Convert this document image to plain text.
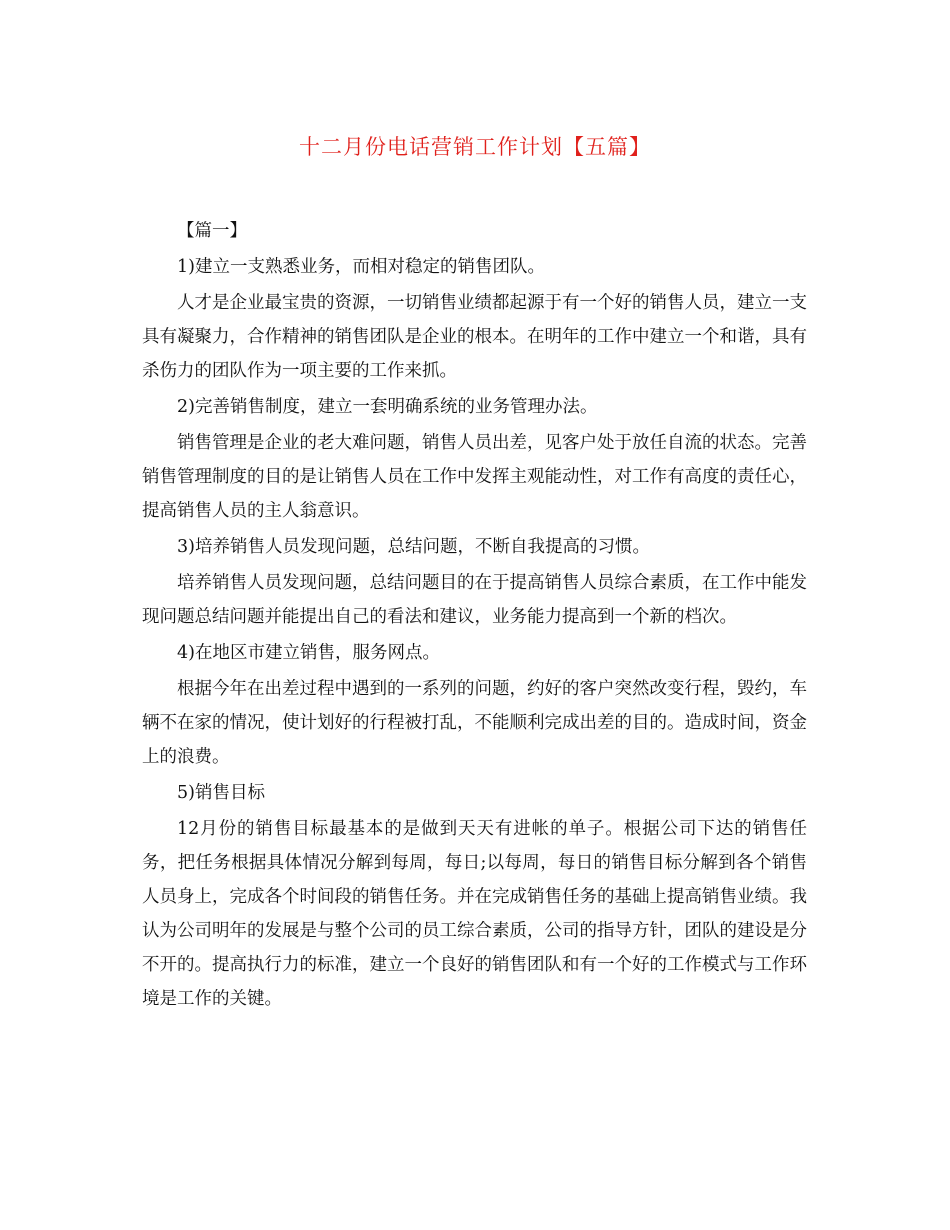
十二月份电话营销工作计划【五篇】

【篇一】

1)建立一支熟悉业务，而相对稳定的销售团队。

人才是企业最宝贵的资源，一切销售业绩都起源于有一个好的销售人员，建立一支具有凝聚力，合作精神的销售团队是企业的根本。在明年的工作中建立一个和谐，具有杀伤力的团队作为一项主要的工作来抓。

2)完善销售制度，建立一套明确系统的业务管理办法。

销售管理是企业的老大难问题，销售人员出差，见客户处于放任自流的状态。完善销售管理制度的目的是让销售人员在工作中发挥主观能动性，对工作有高度的责任心，提高销售人员的主人翁意识。

3)培养销售人员发现问题，总结问题，不断自我提高的习惯。

培养销售人员发现问题，总结问题目的在于提高销售人员综合素质，在工作中能发现问题总结问题并能提出自己的看法和建议，业务能力提高到一个新的档次。

4)在地区市建立销售，服务网点。

根据今年在出差过程中遇到的一系列的问题，约好的客户突然改变行程，毁约，车辆不在家的情况，使计划好的行程被打乱，不能顺利完成出差的目的。造成时间，资金上的浪费。

5)销售目标

12月份的销售目标最基本的是做到天天有进帐的单子。根据公司下达的销售任务，把任务根据具体情况分解到每周，每日;以每周，每日的销售目标分解到各个销售人员身上，完成各个时间段的销售任务。并在完成销售任务的基础上提高销售业绩。我认为公司明年的发展是与整个公司的员工综合素质，公司的指导方针，团队的建设是分不开的。提高执行力的标准，建立一个良好的销售团队和有一个好的工作模式与工作环境是工作的关键。
